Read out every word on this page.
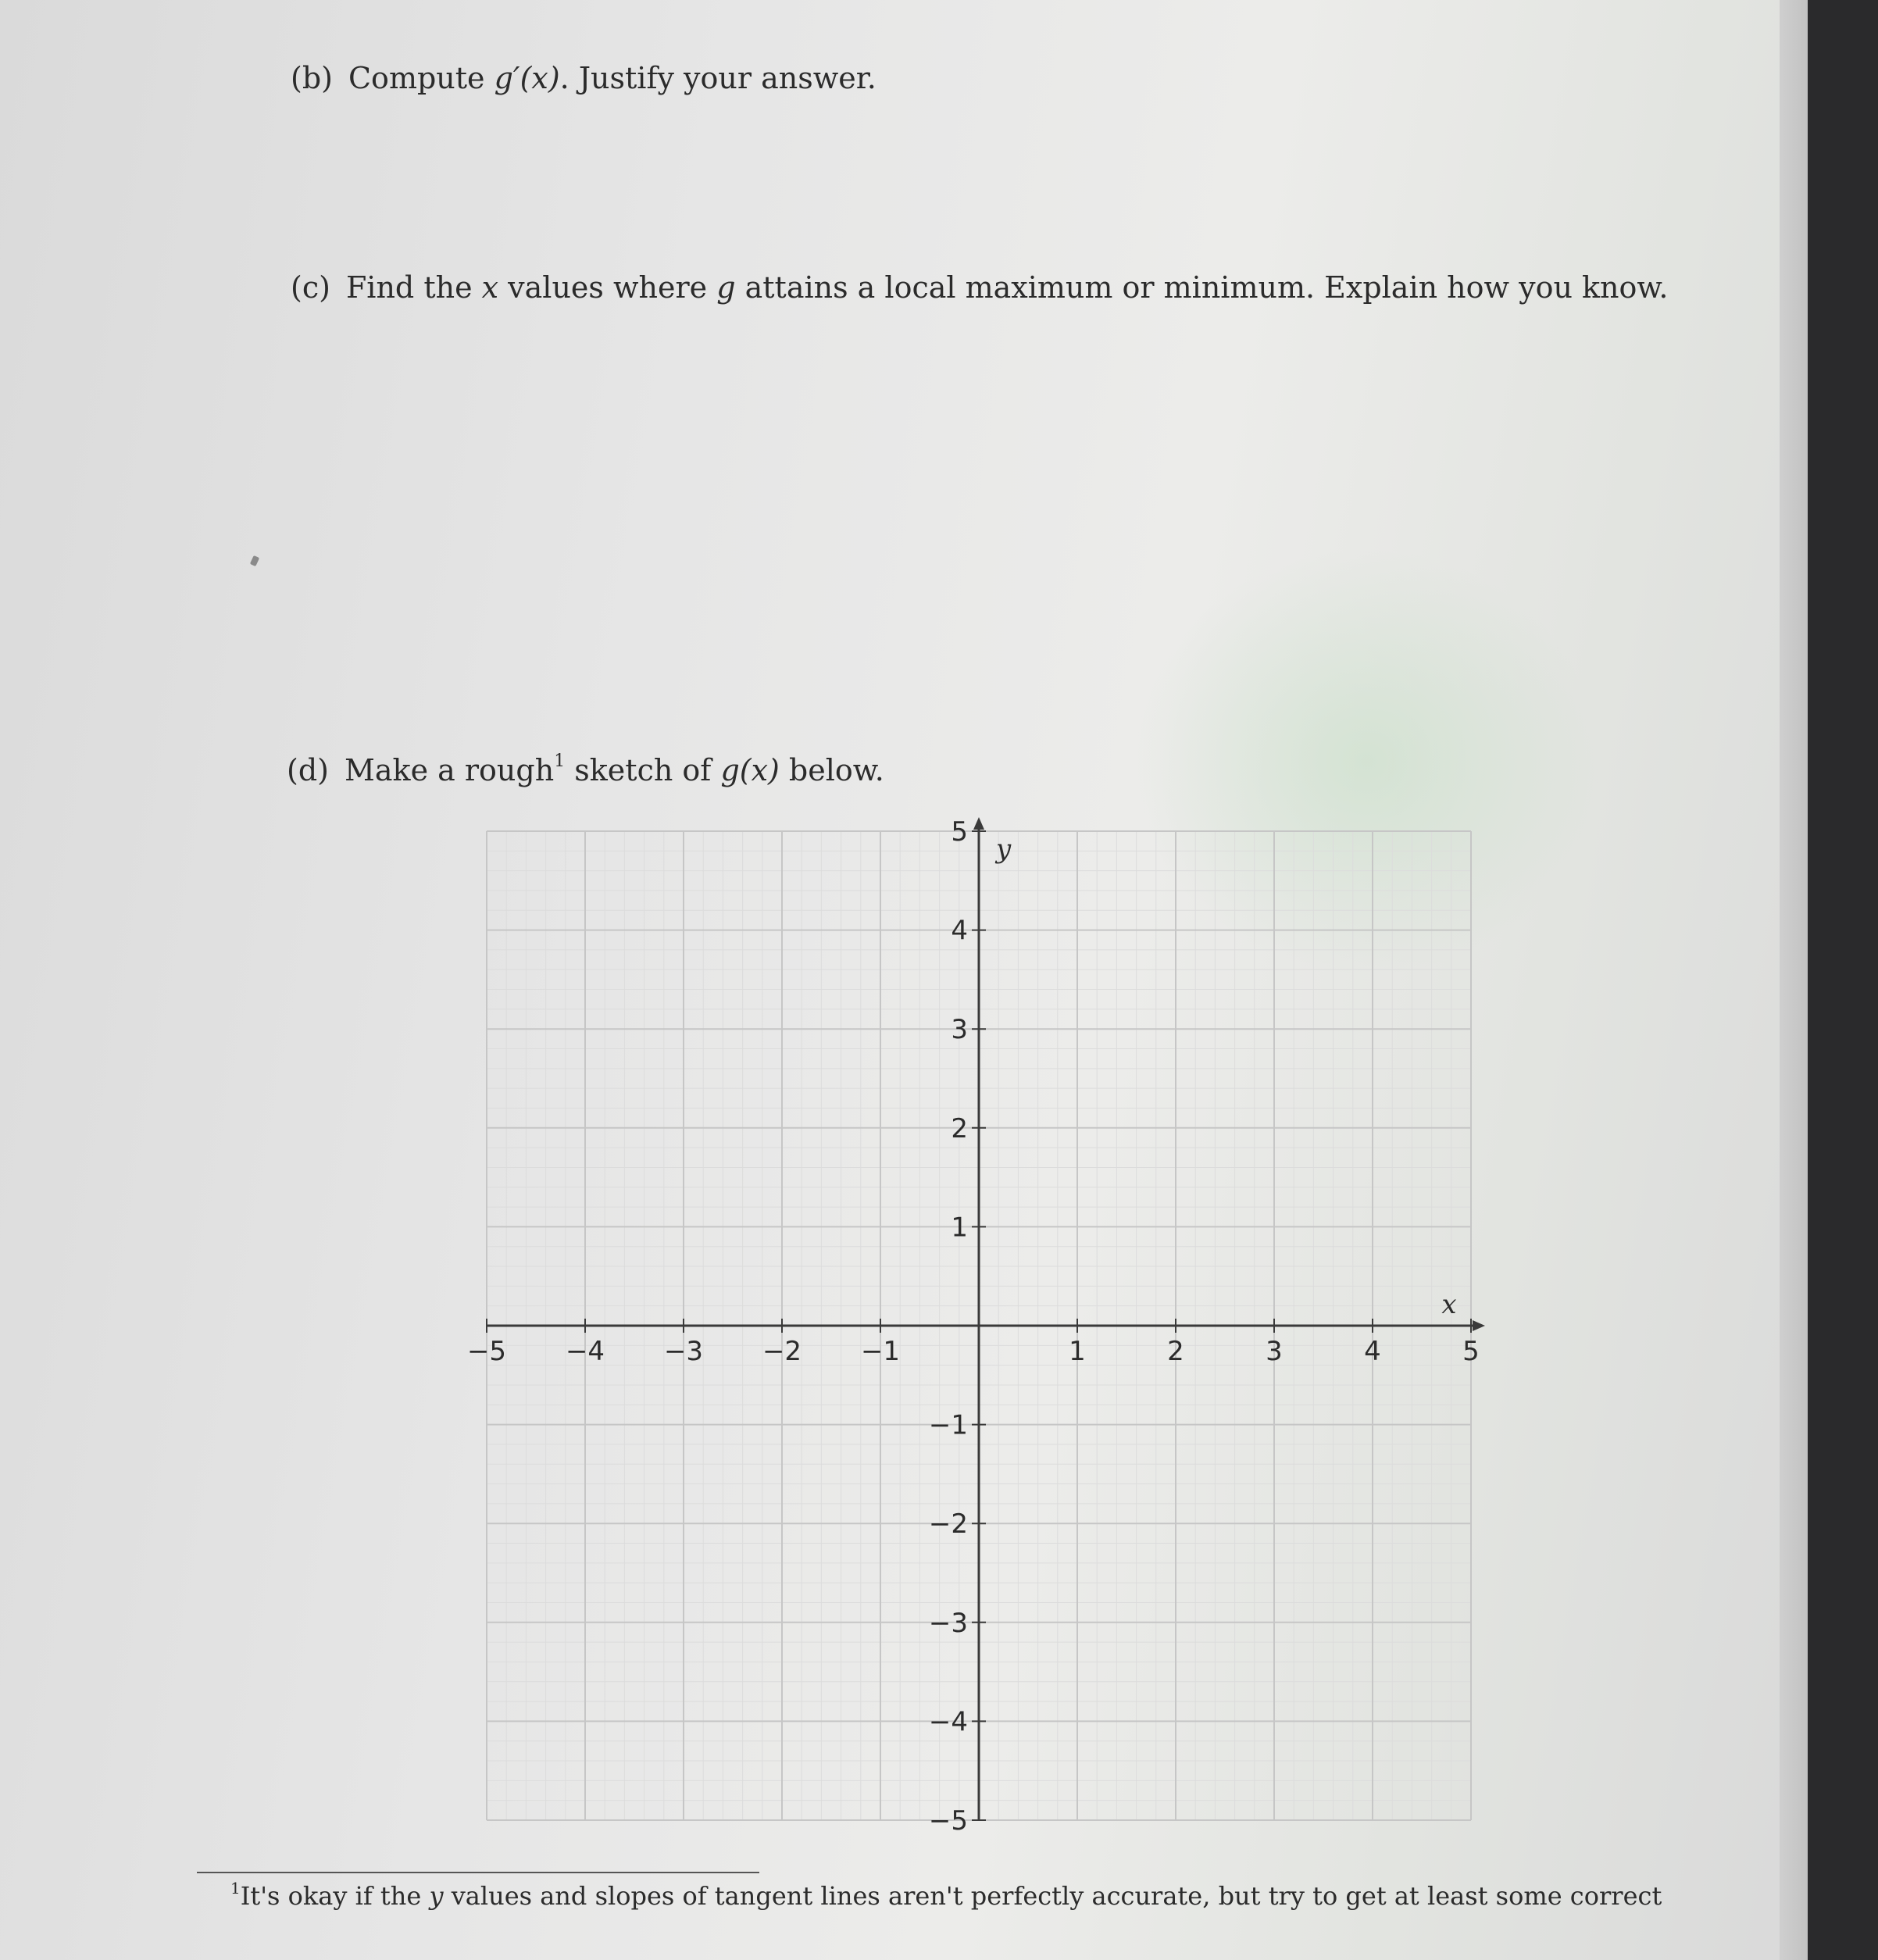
(b) Compute g′(x). Justify your answer.
(c) Find the x values where g attains a local maximum or minimum. Explain how you know.
(d) Make a rough$^1$ sketch of g(x) below.
−5 −4 −3 −2 −1	1	2	3	4	5
−5
−4
−3
−2
−1
1
2
3
4
5
x
y
$^1$It's okay if the y values and slopes of tangent lines aren't perfectly accurate, but try to get at least some correct
